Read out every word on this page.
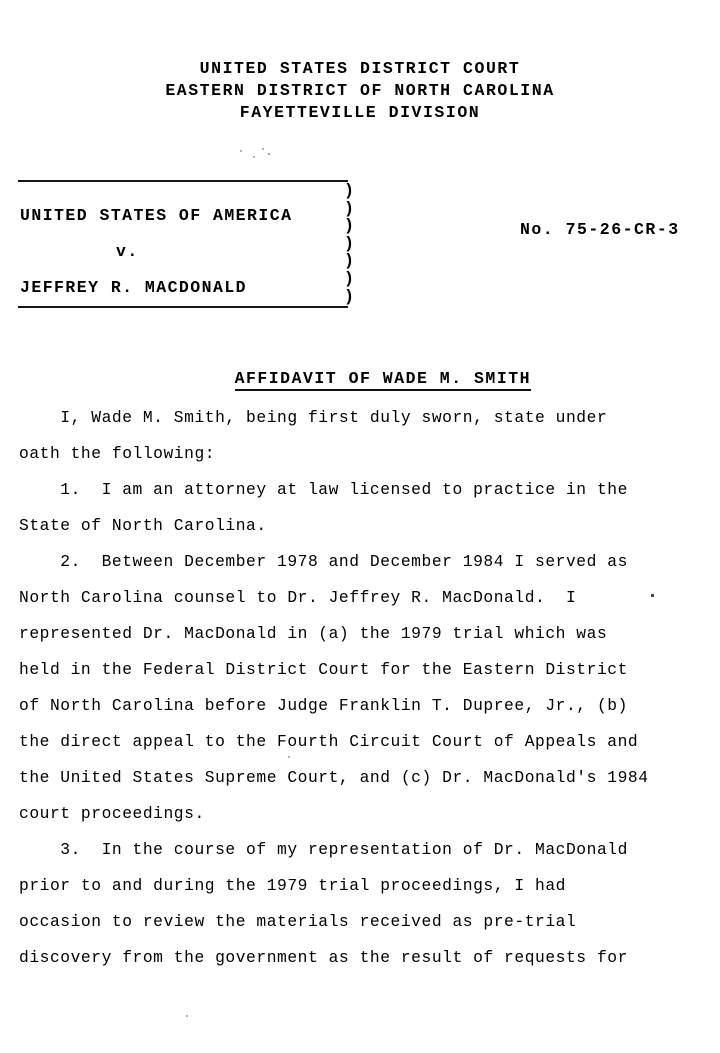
UNITED STATES DISTRICT COURT
EASTERN DISTRICT OF NORTH CAROLINA
FAYETTEVILLE DIVISION
UNITED STATES OF AMERICA
v.
JEFFREY R. MACDONALD
)
)
)
)
)
)
)
No. 75-26-CR-3

AFFIDAVIT OF WADE M. SMITH

I, Wade M. Smith, being first duly sworn, state under
oath the following:
1.  I am an attorney at law licensed to practice in the
State of North Carolina.
2.  Between December 1978 and December 1984 I served as
North Carolina counsel to Dr. Jeffrey R. MacDonald.  I
represented Dr. MacDonald in (a) the 1979 trial which was
held in the Federal District Court for the Eastern District
of North Carolina before Judge Franklin T. Dupree, Jr., (b)
the direct appeal to the Fourth Circuit Court of Appeals and
the United States Supreme Court, and (c) Dr. MacDonald's 1984
court proceedings.
3.  In the course of my representation of Dr. MacDonald
prior to and during the 1979 trial proceedings, I had
occasion to review the materials received as pre-trial
discovery from the government as the result of requests for
